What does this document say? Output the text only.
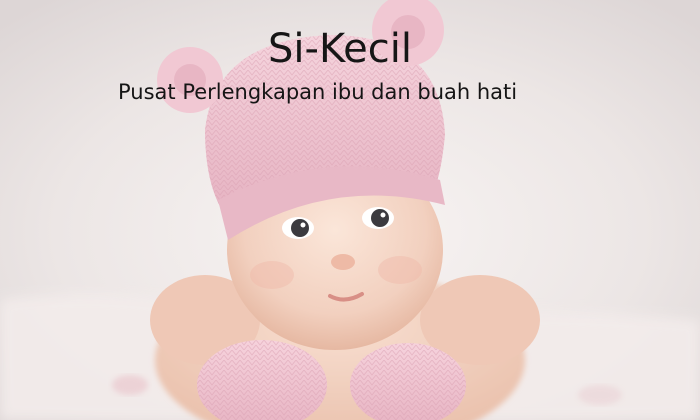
Si-Kecil
Pusat Perlengkapan ibu dan buah hati
